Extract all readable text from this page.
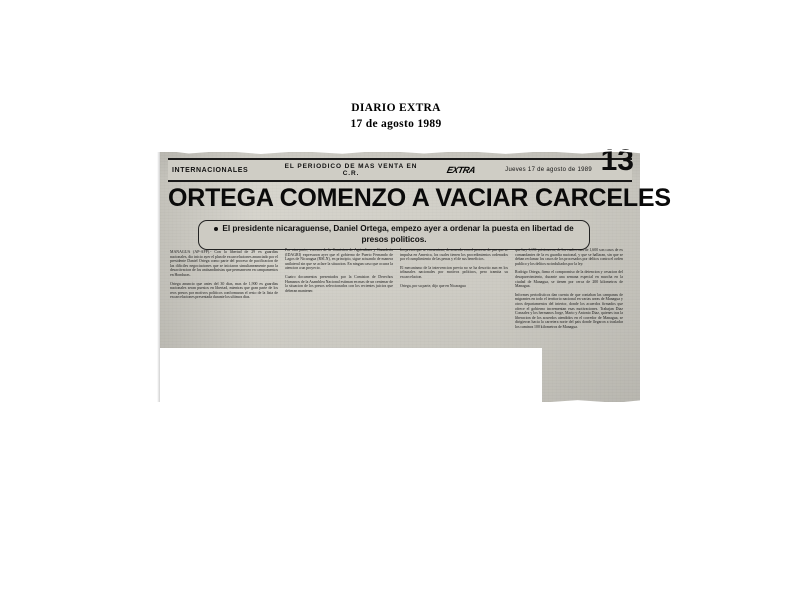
DIARIO EXTRA
17 de agosto 1989
INTERNACIONALES	EL PERIODICO DE MAS VENTA EN C.R.	EXTRA	Jueves 17 de agosto de 1989 13
ORTEGA COMENZO A VACIAR CARCELES
El presidente nicaraguense, Daniel Ortega, empezo ayer a ordenar la puesta en libertad de presos politicos.

MANAGUA (AP-AFP).- Con la libertad de 29 ex guardias nacionales, dio inicio ayer el plan de excarcelaciones anunciado por el presidente Daniel Ortega como parte del proceso de pacificacion de las dificiles negociaciones que se iniciaron simultaneamente para la desactivacion de los antisandinistas que permanecen en campamentos en Honduras.

Ortega anuncio que antes del 30 dias, mas de 1,900 ex guardias nacionales seran puestos en libertad, mientras que gran parte de los reos presos por motivos politicos conformaran el resto de la lista de excarcelaciones presentada durante los ultimos dias.

Por otra parte, voceros de la Comision de Agricultura y Ganaderia (IDAGRI) expresaron ayer que el gobierno de Puerto Fernando de Lagos de Nicaragua (RSLN), en principio, sigue actuando de manera unilateral sin que se aclare la situacion. En ningun caso que ocurra la atencion a un proyecto.

Cuatro documentos presentados por la Comision de Derechos Humanos de la Asamblea Nacional estiman en mas de un centenar de la situacion de los presos seleccionados con los recientes juicios que deberan mantener.

los presos que se encuentran, de acuerdo con el proceso de paz que se impulsa en America, los cuales tienen los procedimientos ordenados por el cumplimiento de las penas y el de sus beneficios.

El mecanismo de la intervencion previa no se ha descrito aun en los tribunales nacionales por motivos politicos, pero tramita su excarcelacion.

Ortega, por su parte, dijo que en Nicaragua

que hay 1,191 prisioneros, de los cuales mas de 1,600 son casos de ex comandantes de la ex guardia nacional, y que se hallaran, sin que se deban reclamar los casos de los procesados por delitos contra el orden publico y los delitos no indultados por la ley.

Rodrigo Ortega, firmo el compromiso de la detencion y cesacion del desaparecimiento, durante una semana especial en marcha en la ciudad de Managua, se tienen por cerca de 200 kilometros de Managua.

Informes periodisticos dan cuenta de que contaban las campanas de migrantes en todo el territorio nacional en varias areas de Managua y otros departamentos del interior, donde los acuerdos firmados que ofrece el gobierno incrementan esas motivaciones. Trabajan Diaz Conzalez y los hermanos Jorge, Mario y Antonio Diaz, quienes tras la liberacion de los acuerdos atendidos en el corredor de Managua, se dirigieron hacia la carretera norte del pais donde llegaron a trasladar los caminos 100 kilometros de Managua.
